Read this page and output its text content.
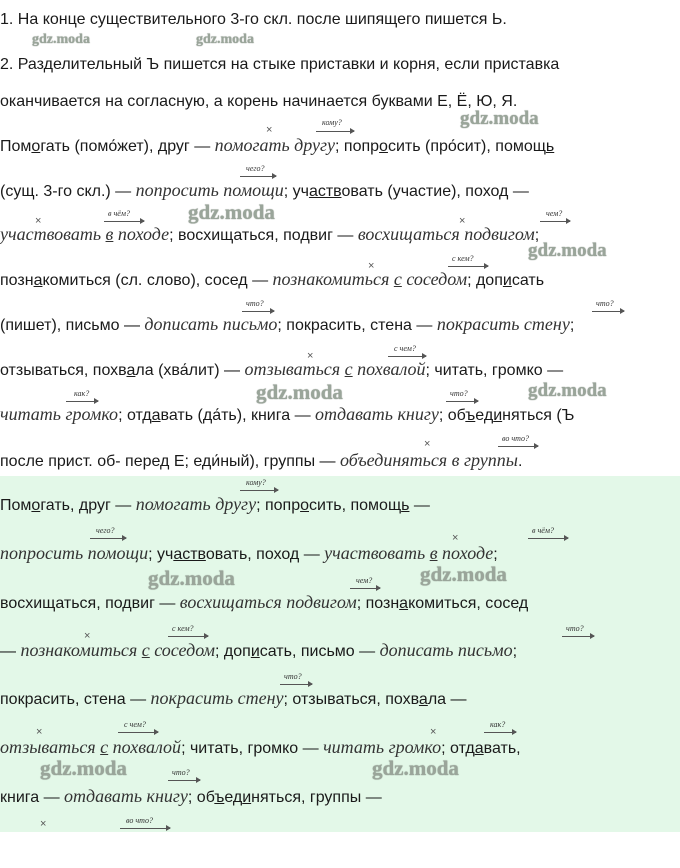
1. На конце существительного 3-го скл. после шипящего пишется Ь.
2. Разделительный Ъ пишется на стыке приставки и корня, если приставка
оканчивается на согласную, а корень начинается буквами Е, Ё, Ю, Я.
Помогать (помо́жет), друг — помогать другу; попросить (про́сит), помощь
(сущ. 3-го скл.) — попросить помощи; участвовать (участие), поход —
участвовать в походе; восхищаться, подвиг — восхищаться подвигом;
познакомиться (сл. слово), сосед — познакомиться с соседом; дописать
(пишет), письмо — дописать письмо; покрасить, стена — покрасить стену;
отзываться, похвала (хва́лит) — отзываться с похвалой; читать, громко —
читать громко; отдавать (да́ть), книга — отдавать книгу; объединяться (Ъ
после прист. об- перед Е; еди́ный), группы — объединяться в группы.
Помогать, друг — помогать другу; попросить, помощь —
попросить помощи; участвовать, поход — участвовать в походе;
восхищаться, подвиг — восхищаться подвигом; познакомиться, сосед
— познакомиться с соседом; дописать, письмо — дописать письмо;
покрасить, стена — покрасить стену; отзываться, похвала —
отзываться с похвалой; читать, громко — читать громко; отдавать,
книга — отдавать книгу; объединяться, группы —
кому?
×
чего?
в чём?
×
чем?
×
с кем?
×
что?	что?
с чем?
×
как?	что?
во что?
×
кому?
чего?	в чём?
×
чем?
с кем?
×
что?
что?
с чем?
×
как?
×
что?
во что?
×
gdz.moda	gdz.moda
gdz.moda
gdz.moda
gdz.moda
gdz.moda	gdz.moda
gdz.moda	gdz.moda
gdz.moda	gdz.moda
